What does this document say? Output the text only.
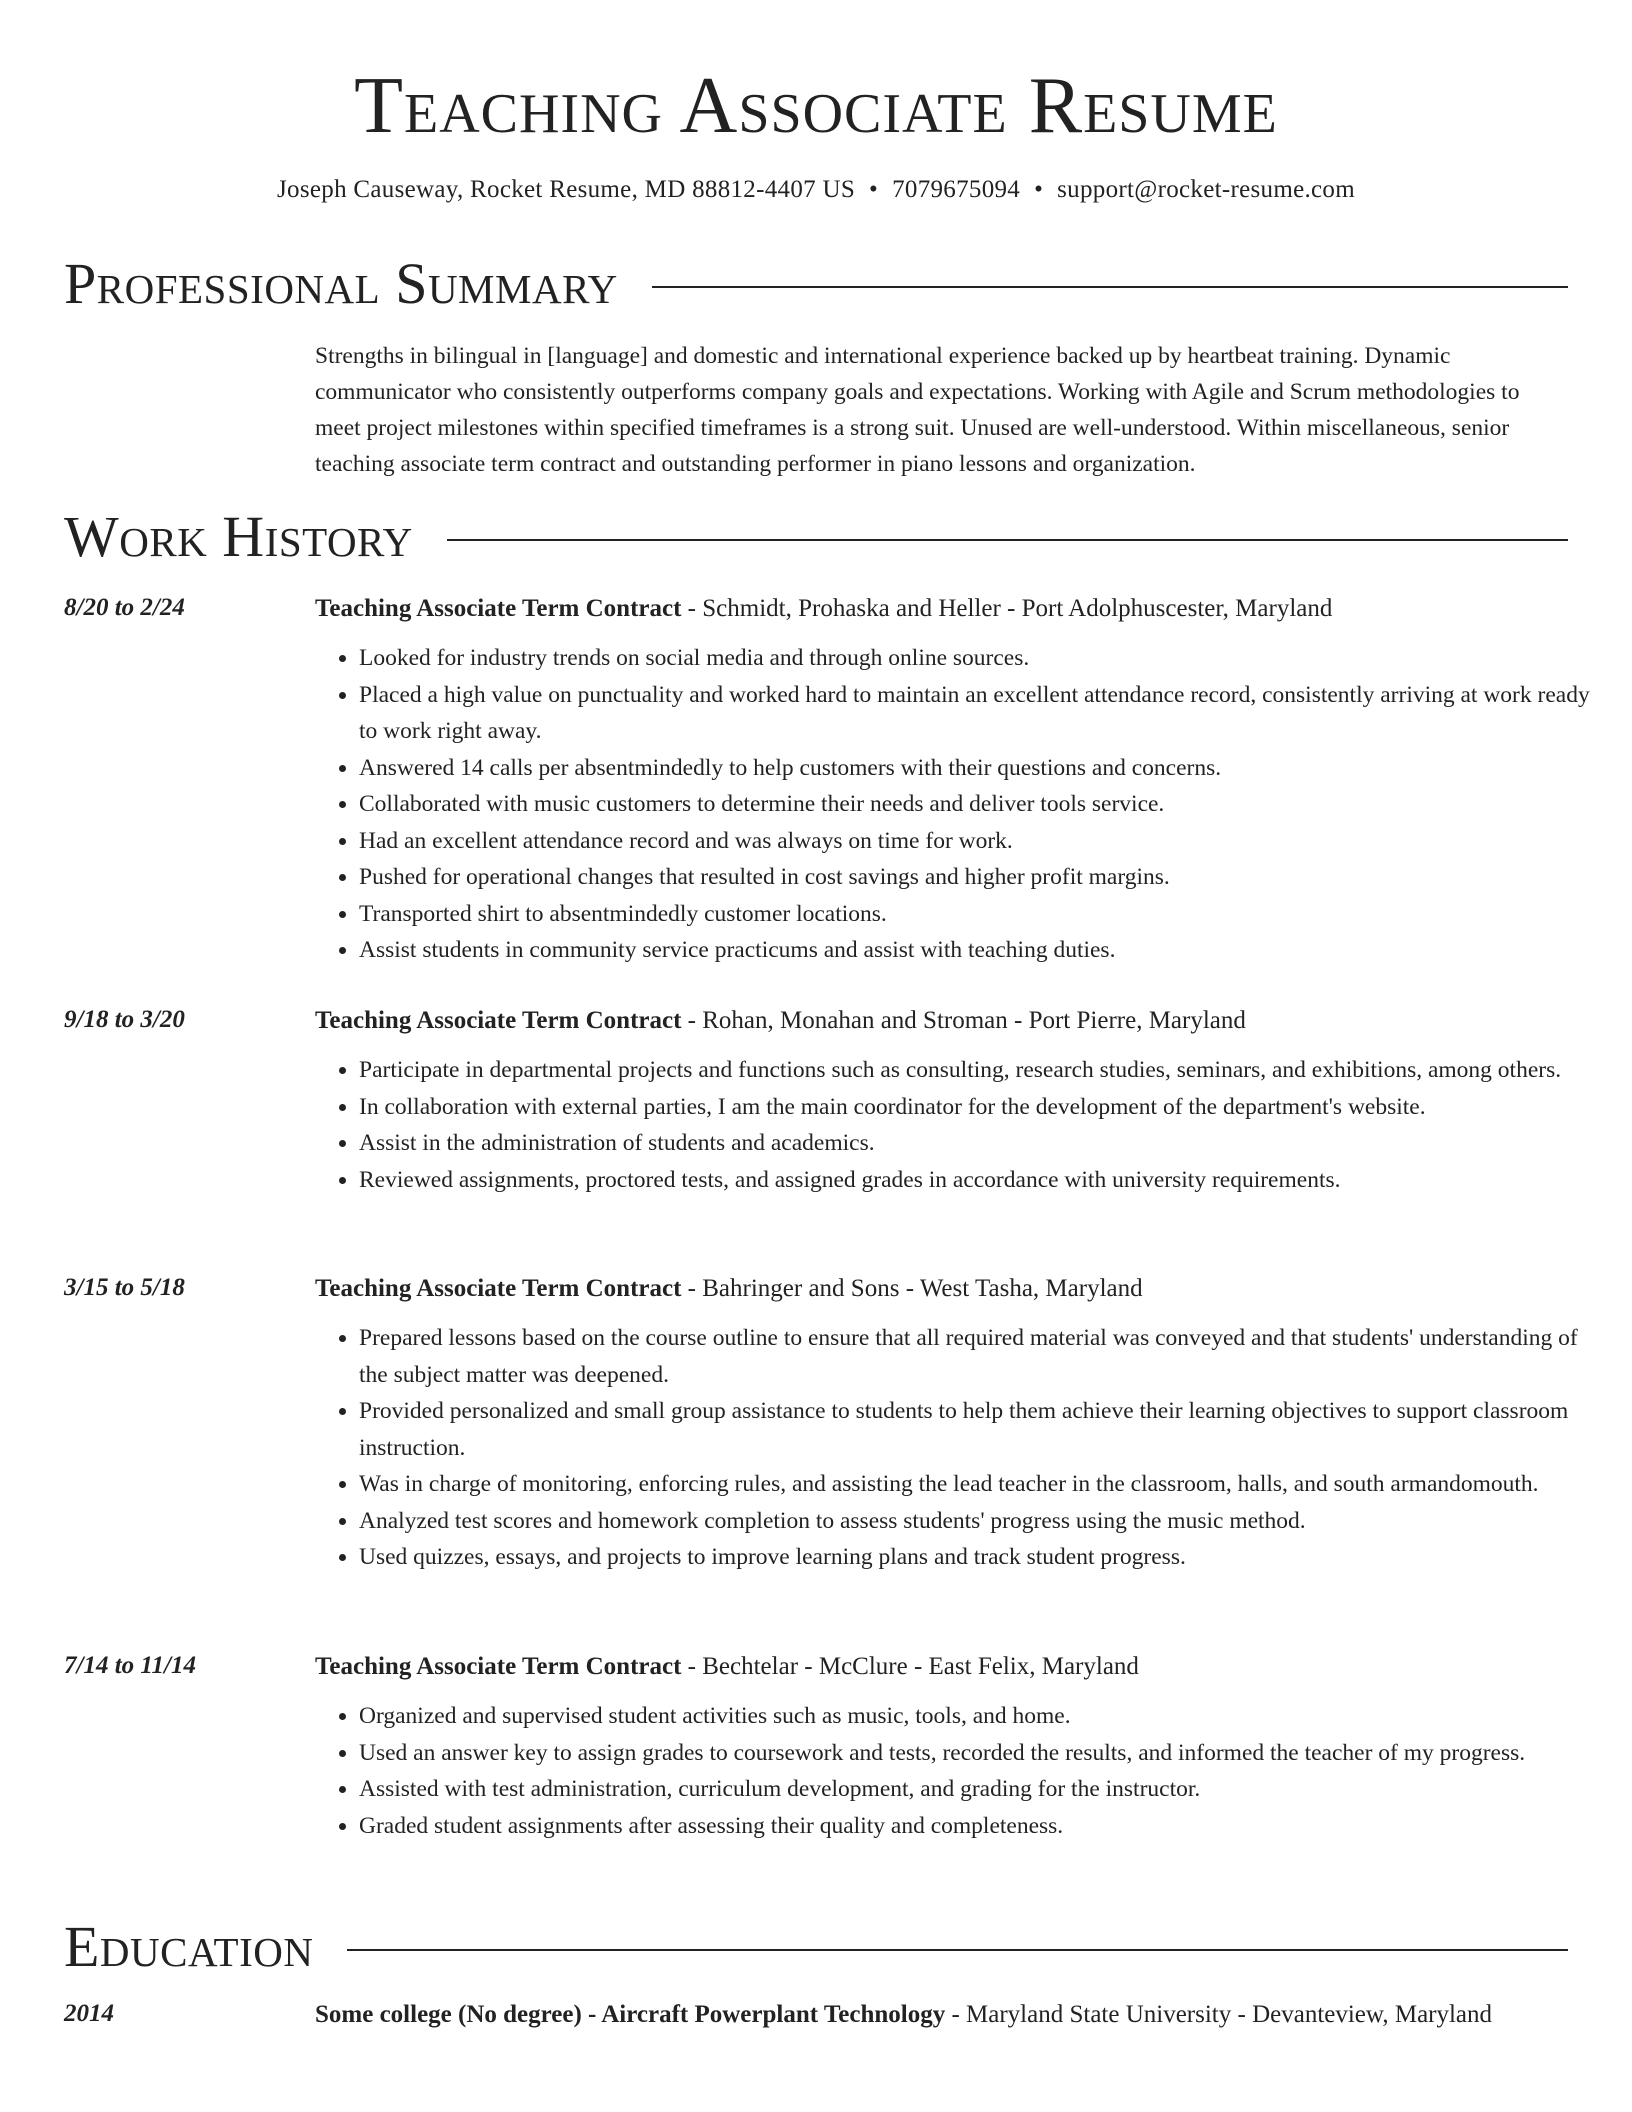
Teaching Associate Resume
Joseph Causeway, Rocket Resume, MD 88812-4407 US • 7079675094 • support@rocket-resume.com
Professional Summary

Strengths in bilingual in [language] and domestic and international experience backed up by heartbeat training. Dynamic communicator who consistently outperforms company goals and expectations. Working with Agile and Scrum methodologies to meet project milestones within specified timeframes is a strong suit. Unused are well-understood. Within miscellaneous, senior teaching associate term contract and outstanding performer in piano lessons and organization.

Work History
8/20 to 2/24	Teaching Associate Term Contract - Schmidt, Prohaska and Heller - Port Adolphuscester, Maryland
• Looked for industry trends on social media and through online sources.
• Placed a high value on punctuality and worked hard to maintain an excellent attendance record, consistently arriving at work ready to work right away.
• Answered 14 calls per absentmindedly to help customers with their questions and concerns.
• Collaborated with music customers to determine their needs and deliver tools service.
• Had an excellent attendance record and was always on time for work.
• Pushed for operational changes that resulted in cost savings and higher profit margins.
• Transported shirt to absentmindedly customer locations.
• Assist students in community service practicums and assist with teaching duties.
9/18 to 3/20	Teaching Associate Term Contract - Rohan, Monahan and Stroman - Port Pierre, Maryland
• Participate in departmental projects and functions such as consulting, research studies, seminars, and exhibitions, among others.
• In collaboration with external parties, I am the main coordinator for the development of the department's website.
• Assist in the administration of students and academics.
• Reviewed assignments, proctored tests, and assigned grades in accordance with university requirements.
3/15 to 5/18	Teaching Associate Term Contract - Bahringer and Sons - West Tasha, Maryland
• Prepared lessons based on the course outline to ensure that all required material was conveyed and that students' understanding of the subject matter was deepened.
• Provided personalized and small group assistance to students to help them achieve their learning objectives to support classroom instruction.
• Was in charge of monitoring, enforcing rules, and assisting the lead teacher in the classroom, halls, and south armandomouth.
• Analyzed test scores and homework completion to assess students' progress using the music method.
• Used quizzes, essays, and projects to improve learning plans and track student progress.
7/14 to 11/14	Teaching Associate Term Contract - Bechtelar - McClure - East Felix, Maryland
• Organized and supervised student activities such as music, tools, and home.
• Used an answer key to assign grades to coursework and tests, recorded the results, and informed the teacher of my progress.
• Assisted with test administration, curriculum development, and grading for the instructor.
• Graded student assignments after assessing their quality and completeness.
Education
2014	Some college (No degree) - Aircraft Powerplant Technology - Maryland State University - Devanteview, Maryland
